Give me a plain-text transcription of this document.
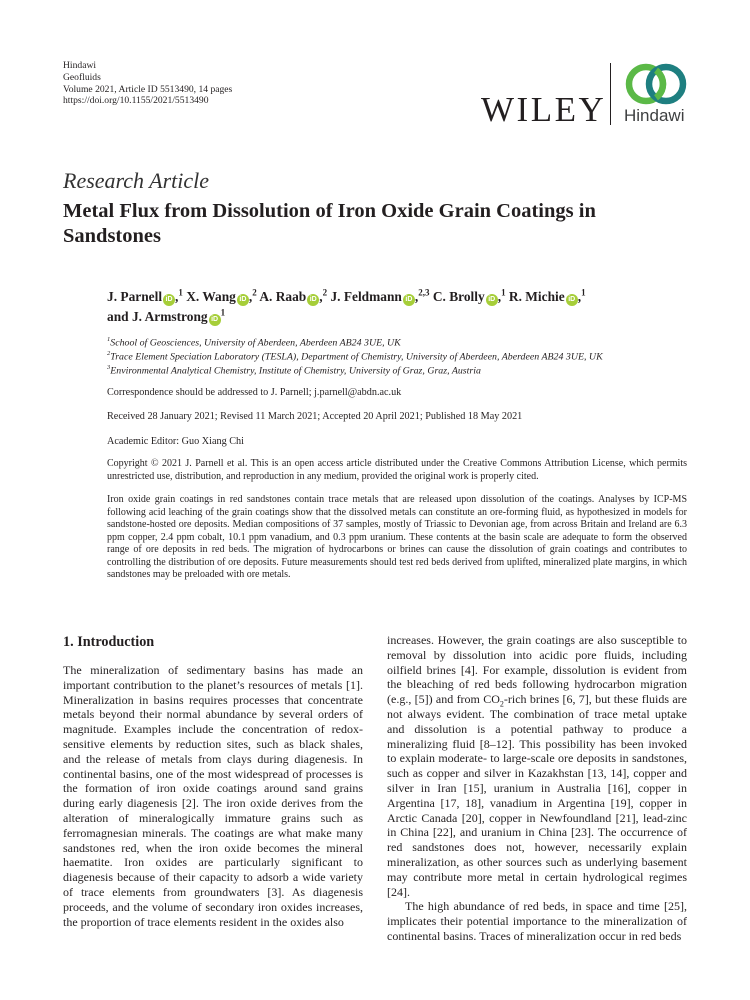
Hindawi
Geofluids
Volume 2021, Article ID 5513490, 14 pages
https://doi.org/10.1155/2021/5513490	WILEY Hindawi
Research Article
Metal Flux from Dissolution of Iron Oxide Grain Coatings in Sandstones
J. Parnell iD ,$^1$ X. Wang iD ,$^2$ A. Raab iD ,$^2$ J. Feldmann iD ,$^{2,3}$ C. Brolly iD ,$^1$ R. Michie iD ,$^1$
and J. Armstrong $iD^1$
$^1$School of Geosciences, University of Aberdeen, Aberdeen AB24 3UE, UK
$^2$Trace Element Speciation Laboratory (TESLA), Department of Chemistry, University of Aberdeen, Aberdeen AB24 3UE, UK
$^3$Environmental Analytical Chemistry, Institute of Chemistry, University of Graz, Graz, Austria
Correspondence should be addressed to J. Parnell; j.parnell@abdn.ac.uk
Received 28 January 2021; Revised 11 March 2021; Accepted 20 April 2021; Published 18 May 2021
Academic Editor: Guo Xiang Chi
Copyright © 2021 J. Parnell et al. This is an open access article distributed under the Creative Commons Attribution License, which permits unrestricted use, distribution, and reproduction in any medium, provided the original work is properly cited.
Iron oxide grain coatings in red sandstones contain trace metals that are released upon dissolution of the coatings. Analyses by ICP-MS following acid leaching of the grain coatings show that the dissolved metals can constitute an ore-forming fluid, as hypothesized in models for sandstone-hosted ore deposits. Median compositions of 37 samples, mostly of Triassic to Devonian age, from across Britain and Ireland are 6.3 ppm copper, 2.4 ppm cobalt, 10.1 ppm vanadium, and 0.3 ppm uranium. These contents at the basin scale are adequate to form the observed range of ore deposits in red beds. The migration of hydrocarbons or brines can cause the dissolution of grain coatings and contributes to controlling the distribution of ore deposits. Future measurements should test red beds derived from uplifted, mineralized plate margins, in which sandstones may be preloaded with ore metals.
1. Introduction

The mineralization of sedimentary basins has made an important contribution to the planet’s resources of metals [1]. Mineralization in basins requires processes that concentrate metals beyond their normal abundance by several orders of magnitude. Examples include the concentration of redox-sensitive elements by reduction sites, such as black shales, and the release of metals from clays during diagenesis. In continental basins, one of the most widespread of processes is the formation of iron oxide coatings around sand grains during early diagenesis [2]. The iron oxide derives from the alteration of mineralogically immature grains such as ferromagnesian minerals. The coatings are what make many sandstones red, when the iron oxide becomes the mineral haematite. Iron oxides are particularly significant to diagenesis because of their capacity to adsorb a wide variety of trace elements from groundwaters [3]. As diagenesis proceeds, and the volume of secondary iron oxides increases, the proportion of trace elements resident in the oxides also

increases. However, the grain coatings are also susceptible to removal by dissolution into acidic pore fluids, including oilfield brines [4]. For example, dissolution is evident from the bleaching of red beds following hydrocarbon migration (e.g., [5]) and from $CO_2$-rich brines [6, 7], but these fluids are not always evident. The combination of trace metal uptake and dissolution is a potential pathway to produce a mineralizing fluid [8–12]. This possibility has been invoked to explain moderate- to large-scale ore deposits in sandstones, such as copper and silver in Kazakhstan [13, 14], copper and silver in Iran [15], uranium in Australia [16], copper in Argentina [17, 18], vanadium in Argentina [19], copper in Arctic Canada [20], copper in Newfoundland [21], lead-zinc in China [22], and uranium in China [23]. The occurrence of red sandstones does not, however, necessarily explain mineralization, as other sources such as underlying basement may contribute more metal in certain hydrological regimes [24].

The high abundance of red beds, in space and time [25], implicates their potential importance to the mineralization of continental basins. Traces of mineralization occur in red beds
